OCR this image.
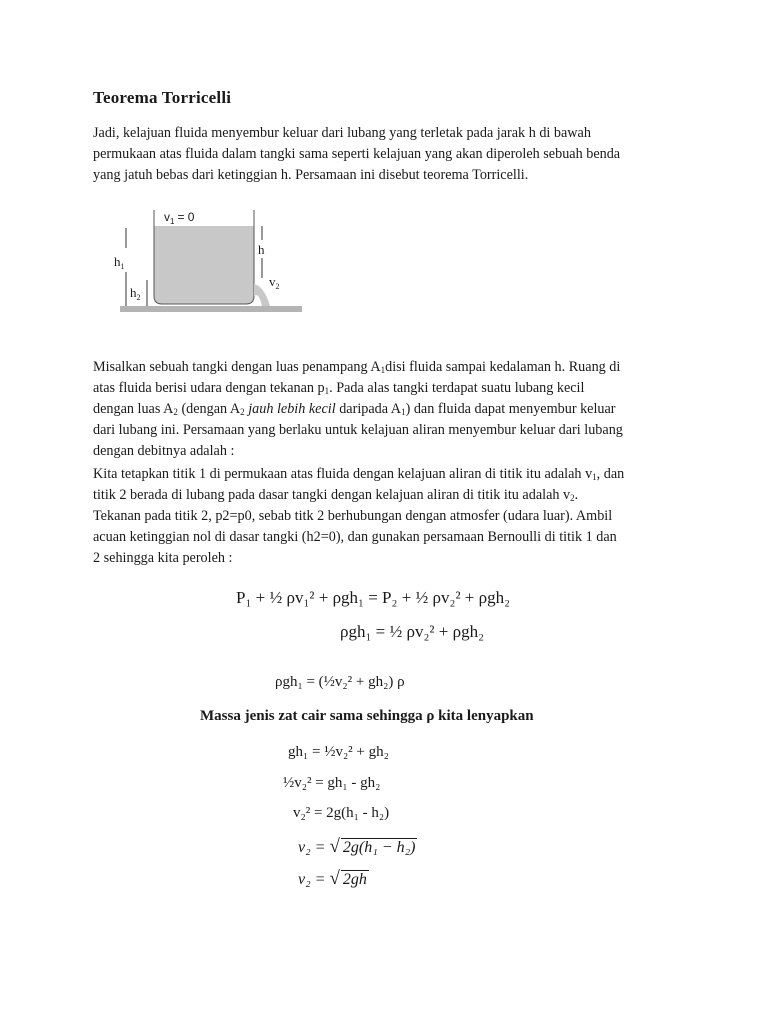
Teorema Torricelli

Jadi, kelajuan fluida menyembur keluar dari lubang yang terletak pada jarak h di bawah
permukaan atas fluida dalam tangki sama seperti kelajuan yang akan diperoleh sebuah benda
yang jatuh bebas dari ketinggian h. Persamaan ini disebut teorema Torricelli.

$v_1 = 0$
$h_1$
$h_2$
h
$v_2$

Misalkan sebuah tangki dengan luas penampang $A_1disi$ fluida sampai kedalaman h. Ruang di
atas fluida berisi udara dengan tekanan $p_1$. Pada alas tangki terdapat suatu lubang kecil
dengan luas $A_2$ (dengan $A_2$ jauh lebih kecil daripada $A_1$) dan fluida dapat menyembur keluar
dari lubang ini. Persamaan yang berlaku untuk kelajuan aliran menyembur keluar dari lubang
dengan debitnya adalah :

Kita tetapkan titik 1 di permukaan atas fluida dengan kelajuan aliran di titik itu adalah $v_1$, dan
titik 2 berada di lubang pada dasar tangki dengan kelajuan aliran di titik itu adalah $v_2$.
Tekanan pada titik 2, p2=p0, sebab titk 2 berhubungan dengan atmosfer (udara luar). Ambil
acuan ketinggian nol di dasar tangki (h2=0), dan gunakan persamaan Bernoulli di titik 1 dan
2 sehingga kita peroleh :

P₁ + ½ ρv₁² + ρgh₁ = P₂ + ½ ρv₂² + ρgh₂
ρgh₁ = ½ ρv₂² + ρgh₂
ρgh₁ = (½v₂² + gh₂) ρ
Massa jenis zat cair sama sehingga ρ kita lenyapkan
gh₁ = ½v₂² + gh₂
½v₂² = gh₁ - gh₂
v₂² = 2g(h₁ - h₂)
v₂ = √ 2g(h₁ − h₂)
v₂ = √ 2gh
